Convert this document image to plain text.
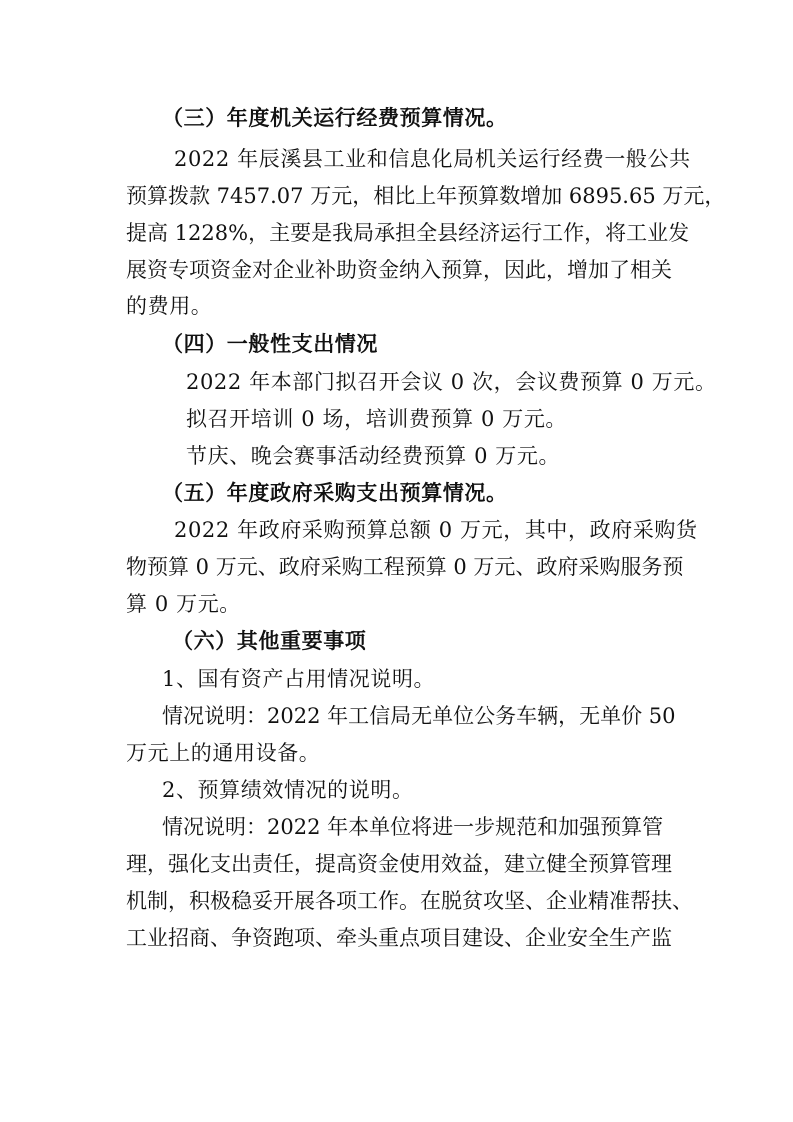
（三）年度机关运行经费预算情况。
2022 年辰溪县工业和信息化局机关运行经费一般公共
预算拨款 7457.07 万元，相比上年预算数增加 6895.65 万元，
提高 1228%，主要是我局承担全县经济运行工作，将工业发
展资专项资金对企业补助资金纳入预算，因此，增加了相关
的费用。
（四）一般性支出情况
2022 年本部门拟召开会议 0 次，会议费预算 0 万元。
拟召开培训 0 场，培训费预算 0 万元。
节庆、晚会赛事活动经费预算 0 万元。
（五）年度政府采购支出预算情况。
2022 年政府采购预算总额 0 万元，其中，政府采购货
物预算 0 万元、政府采购工程预算 0 万元、政府采购服务预
算 0 万元。
（六）其他重要事项
1、国有资产占用情况说明。
情况说明：2022 年工信局无单位公务车辆，无单价 50
万元上的通用设备。
2、预算绩效情况的说明。
情况说明：2022 年本单位将进一步规范和加强预算管
理，强化支出责任，提高资金使用效益，建立健全预算管理
机制，积极稳妥开展各项工作。在脱贫攻坚、企业精准帮扶、
工业招商、争资跑项、牵头重点项目建设、企业安全生产监
